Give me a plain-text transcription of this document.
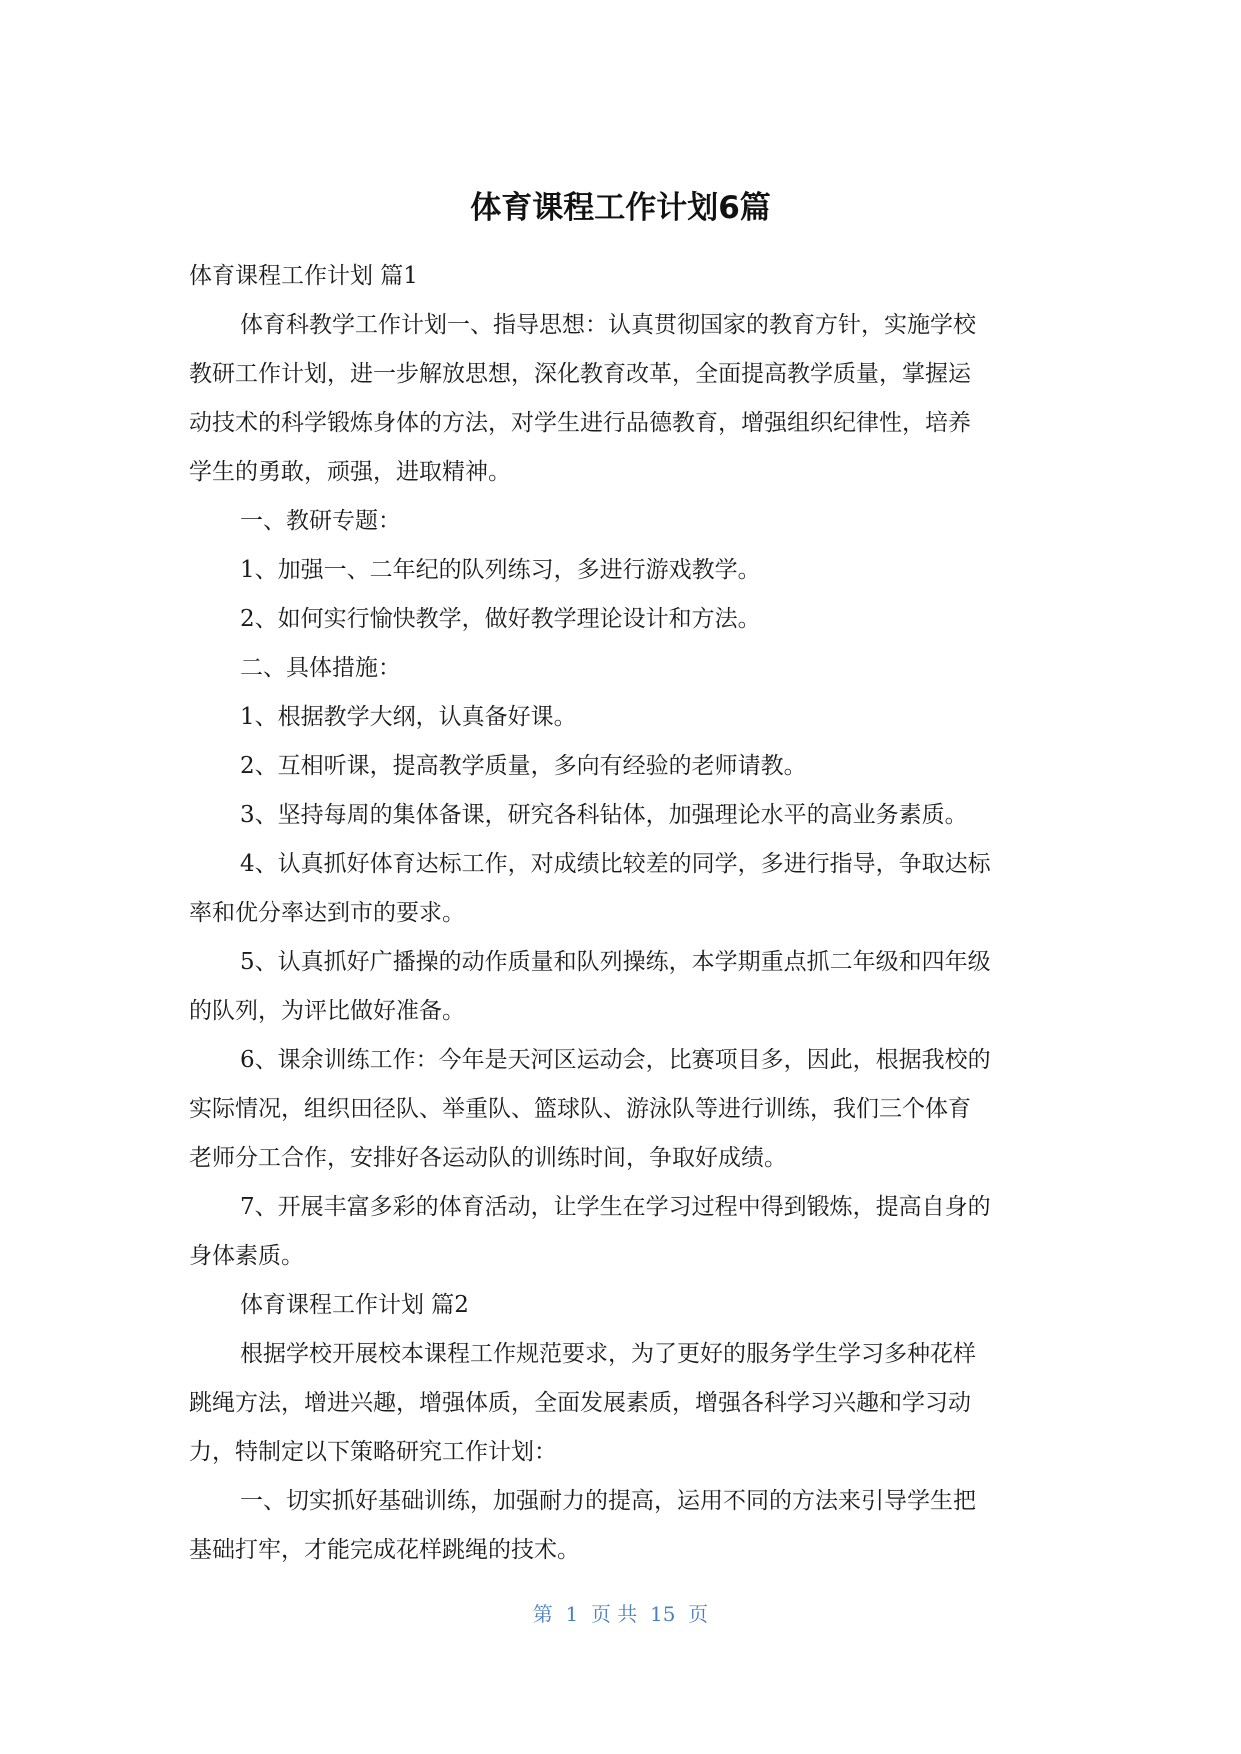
体育课程工作计划6篇

体育课程工作计划 篇1

体育科教学工作计划一、指导思想：认真贯彻国家的教育方针，实施学校

教研工作计划，进一步解放思想，深化教育改革，全面提高教学质量，掌握运

动技术的科学锻炼身体的方法，对学生进行品德教育，增强组织纪律性，培养

学生的勇敢，顽强，进取精神。

一、教研专题：

1、加强一、二年纪的队列练习，多进行游戏教学。

2、如何实行愉快教学，做好教学理论设计和方法。

二、具体措施：

1、根据教学大纲，认真备好课。

2、互相听课，提高教学质量，多向有经验的老师请教。

3、坚持每周的集体备课，研究各科钻体，加强理论水平的高业务素质。

4、认真抓好体育达标工作，对成绩比较差的同学，多进行指导，争取达标

率和优分率达到市的要求。

5、认真抓好广播操的动作质量和队列操练，本学期重点抓二年级和四年级

的队列，为评比做好准备。

6、课余训练工作：今年是天河区运动会，比赛项目多，因此，根据我校的

实际情况，组织田径队、举重队、篮球队、游泳队等进行训练，我们三个体育

老师分工合作，安排好各运动队的训练时间，争取好成绩。

7、开展丰富多彩的体育活动，让学生在学习过程中得到锻炼，提高自身的

身体素质。

体育课程工作计划 篇2

根据学校开展校本课程工作规范要求，为了更好的服务学生学习多种花样

跳绳方法，增进兴趣，增强体质，全面发展素质，增强各科学习兴趣和学习动

力，特制定以下策略研究工作计划：

一、切实抓好基础训练，加强耐力的提高，运用不同的方法来引导学生把

基础打牢，才能完成花样跳绳的技术。

第  1  页 共  15  页
